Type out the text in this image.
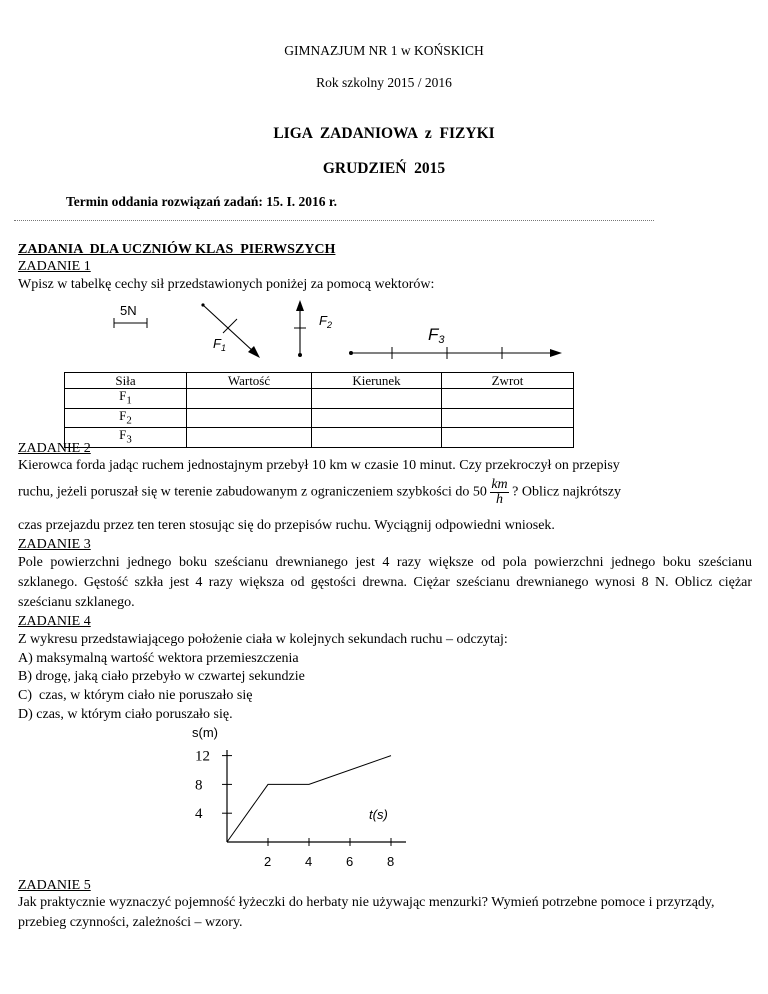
GIMNAZJUM NR 1 w KOŃSKICH
Rok szkolny 2015 / 2016
LIGA  ZADANIOWA  z  FIZYKI
GRUDZIEŃ  2015
Termin oddania rozwiązań zadań: 15. I. 2016 r.
ZADANIA  DLA UCZNIÓW KLAS  PIERWSZYCH
ZADANIE 1
Wpisz w tabelkę cechy sił przedstawionych poniżej za pomocą wektorów:
5N
$F_1$
$F_2$	F3
Siła	Wartość	Kierunek	Zwrot
$F_1$			
$F_2$			
$F_3$			
ZADANIE 2
Kierowca forda jadąc ruchem jednostajnym przebył 10 km w czasie 10 minut. Czy przekroczył on przepisy
ruchu, jeżeli poruszał się w terenie zabudowanym z ograniczeniem szybkości do $50 \frac{km}{h}$ ? Oblicz najkrótszy
czas przejazdu przez ten teren stosując się do przepisów ruchu. Wyciągnij odpowiedni wniosek.
ZADANIE 3
Pole powierzchni jednego boku sześcianu drewnianego jest 4 razy większe od pola powierzchni jednego boku sześcianu szklanego. Gęstość szkła jest 4 razy większa od gęstości drewna. Ciężar sześcianu drewnianego wynosi 8 N. Oblicz ciężar sześcianu szklanego.
ZADANIE 4
Z wykresu przedstawiającego położenie ciała w kolejnych sekundach ruchu – odczytaj:
A) maksymalną wartość wektora przemieszczenia
B) drogę, jaką ciało przebyło w czwartej sekundzie
C)  czas, w którym ciało nie poruszało się
D) czas, w którym ciało poruszało się.
s(m)
t(s)
12
8
4
2	4	6	8
ZADANIE 5
Jak praktycznie wyznaczyć pojemność łyżeczki do herbaty nie używając menzurki? Wymień potrzebne pomoce i przyrządy, przebieg czynności, zależności – wzory.
